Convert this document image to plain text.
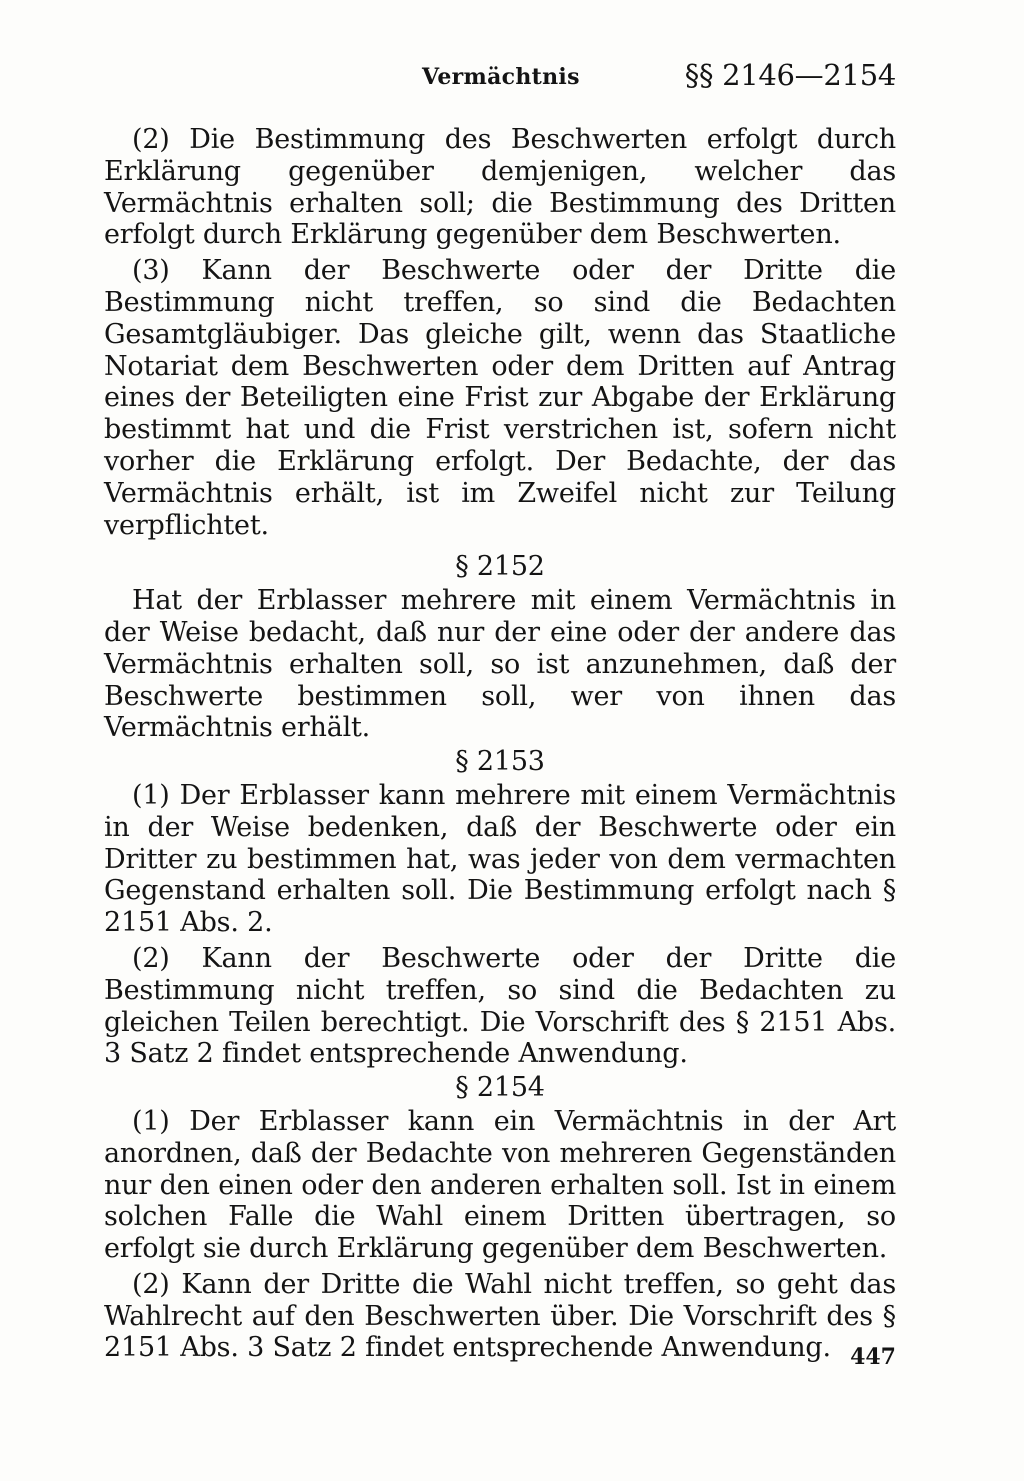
Vermächtnis	§§ 2146—2154

(2) Die Bestimmung des Beschwerten erfolgt durch Erklärung gegenüber demjenigen, welcher das Vermächtnis erhalten soll; die Bestimmung des Dritten erfolgt durch Erklärung gegenüber dem Beschwerten.

(3) Kann der Beschwerte oder der Dritte die Bestimmung nicht treffen, so sind die Bedachten Gesamtgläubiger. Das gleiche gilt, wenn das Staatliche Notariat dem Beschwerten oder dem Dritten auf Antrag eines der Beteiligten eine Frist zur Abgabe der Erklärung bestimmt hat und die Frist verstrichen ist, sofern nicht vorher die Erklärung erfolgt. Der Bedachte, der das Vermächtnis erhält, ist im Zweifel nicht zur Teilung verpflichtet.

§ 2152

Hat der Erblasser mehrere mit einem Vermächtnis in der Weise bedacht, daß nur der eine oder der andere das Vermächtnis erhalten soll, so ist anzunehmen, daß der Beschwerte bestimmen soll, wer von ihnen das Vermächtnis erhält.

§ 2153

(1) Der Erblasser kann mehrere mit einem Vermächtnis in der Weise bedenken, daß der Beschwerte oder ein Dritter zu bestimmen hat, was jeder von dem vermachten Gegenstand erhalten soll. Die Bestimmung erfolgt nach § 2151 Abs. 2.

(2) Kann der Beschwerte oder der Dritte die Bestimmung nicht treffen, so sind die Bedachten zu gleichen Teilen berechtigt. Die Vorschrift des § 2151 Abs. 3 Satz 2 findet entsprechende Anwendung.

§ 2154

(1) Der Erblasser kann ein Vermächtnis in der Art anordnen, daß der Bedachte von mehreren Gegenständen nur den einen oder den anderen erhalten soll. Ist in einem solchen Falle die Wahl einem Dritten übertragen, so erfolgt sie durch Erklärung gegenüber dem Beschwerten.

(2) Kann der Dritte die Wahl nicht treffen, so geht das Wahlrecht auf den Beschwerten über. Die Vorschrift des § 2151 Abs. 3 Satz 2 findet entsprechende Anwendung. 447
